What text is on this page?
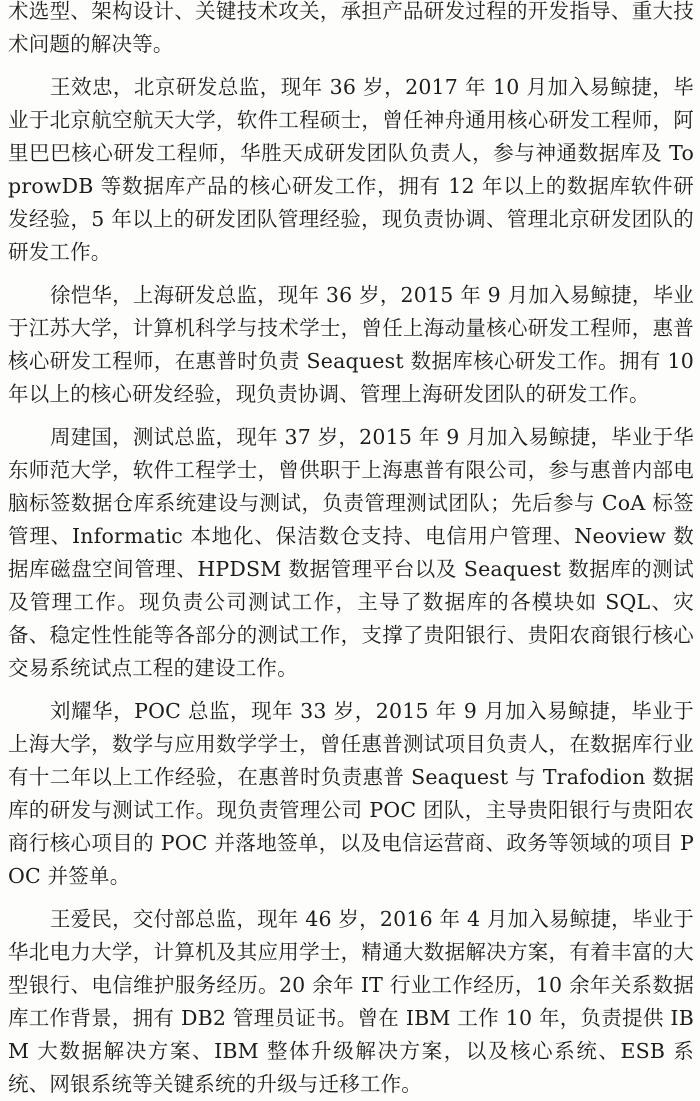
术选型、架构设计、关键技术攻关，承担产品研发过程的开发指导、重大技术问题的解决等。

王效忠，北京研发总监，现年 36 岁，2017 年 10 月加入易鲸捷，毕业于北京航空航天大学，软件工程硕士，曾任神舟通用核心研发工程师，阿里巴巴核心研发工程师，华胜天成研发团队负责人，参与神通数据库及 ToprowDB 等数据库产品的核心研发工作，拥有 12 年以上的数据库软件研发经验，5 年以上的研发团队管理经验，现负责协调、管理北京研发团队的研发工作。

徐恺华，上海研发总监，现年 36 岁，2015 年 9 月加入易鲸捷，毕业于江苏大学，计算机科学与技术学士，曾任上海动量核心研发工程师，惠普核心研发工程师，在惠普时负责 Seaquest 数据库核心研发工作。拥有 10 年以上的核心研发经验，现负责协调、管理上海研发团队的研发工作。

周建国，测试总监，现年 37 岁，2015 年 9 月加入易鲸捷，毕业于华东师范大学，软件工程学士，曾供职于上海惠普有限公司，参与惠普内部电脑标签数据仓库系统建设与测试，负责管理测试团队；先后参与 CoA 标签管理、Informatic 本地化、保洁数仓支持、电信用户管理、Neoview 数据库磁盘空间管理、HPDSM 数据管理平台以及 Seaquest 数据库的测试及管理工作。现负责公司测试工作，主导了数据库的各模块如 SQL、灾备、稳定性性能等各部分的测试工作，支撑了贵阳银行、贵阳农商银行核心交易系统试点工程的建设工作。

刘耀华，POC 总监，现年 33 岁，2015 年 9 月加入易鲸捷，毕业于上海大学，数学与应用数学学士，曾任惠普测试项目负责人，在数据库行业有十二年以上工作经验，在惠普时负责惠普 Seaquest 与 Trafodion 数据库的研发与测试工作。现负责管理公司 POC 团队，主导贵阳银行与贵阳农商行核心项目的 POC 并落地签单，以及电信运营商、政务等领域的项目 POC 并签单。

王爱民，交付部总监，现年 46 岁，2016 年 4 月加入易鲸捷，毕业于华北电力大学，计算机及其应用学士，精通大数据解决方案，有着丰富的大型银行、电信维护服务经历。20 余年 IT 行业工作经历，10 余年关系数据库工作背景，拥有 DB2 管理员证书。曾在 IBM 工作 10 年，负责提供 IBM 大数据解决方案、IBM 整体升级解决方案，以及核心系统、ESB 系统、网银系统等关键系统的升级与迁移工作。
